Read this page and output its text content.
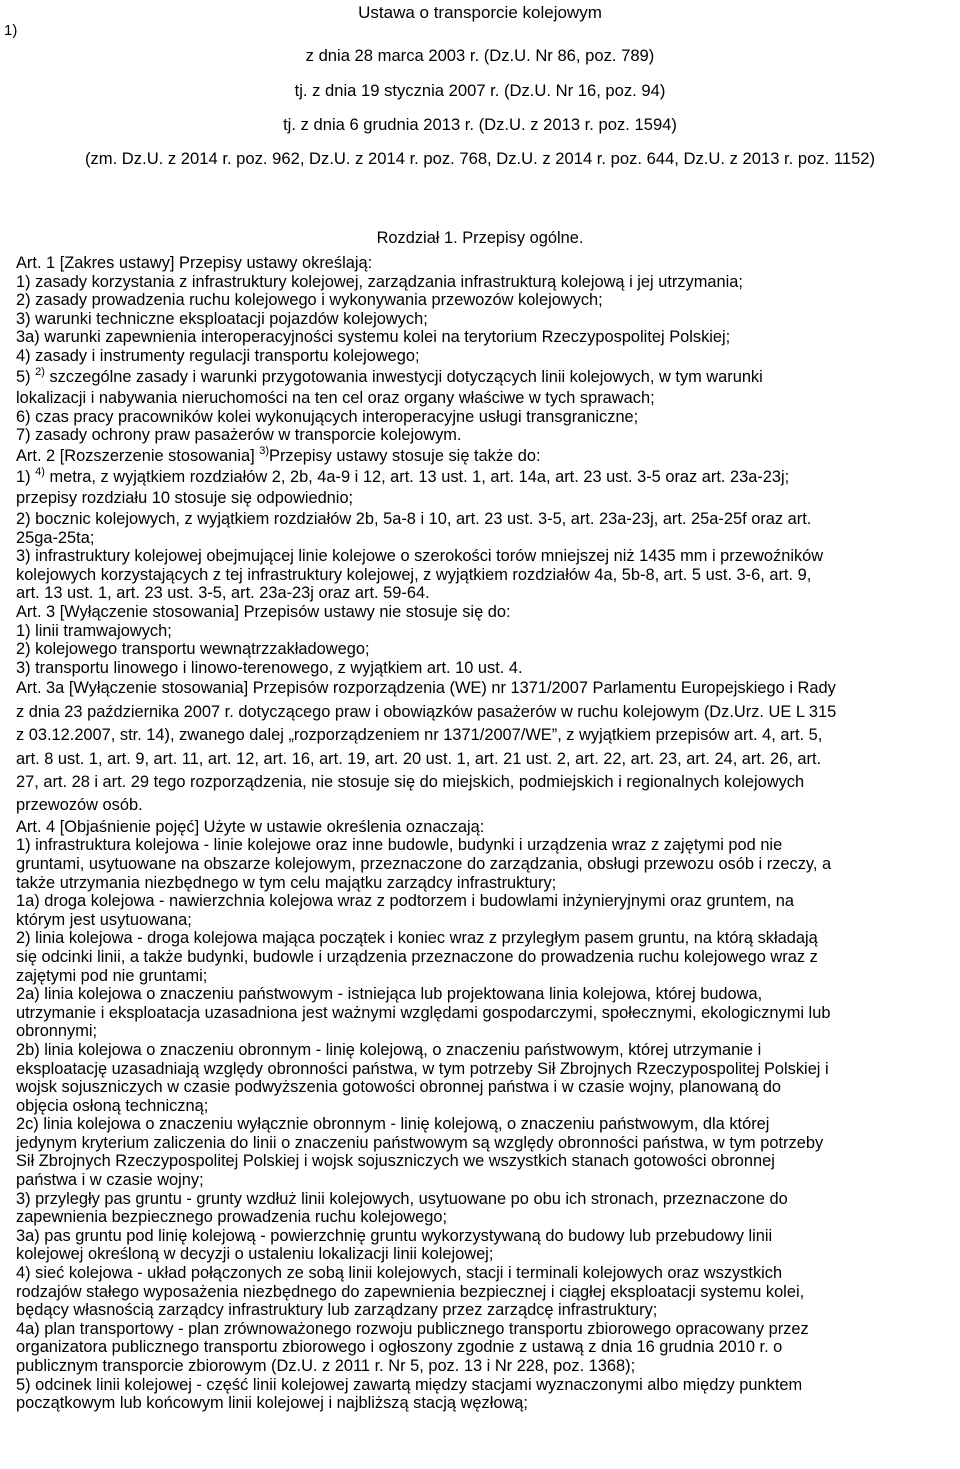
1)
Ustawa o transporcie kolejowym
z dnia 28 marca 2003 r. (Dz.U. Nr 86, poz. 789)
tj. z dnia 19 stycznia 2007 r. (Dz.U. Nr 16, poz. 94)
tj. z dnia 6 grudnia 2013 r. (Dz.U. z 2013 r. poz. 1594)
(zm. Dz.U. z 2014 r. poz. 962, Dz.U. z 2014 r. poz. 768, Dz.U. z 2014 r. poz. 644, Dz.U. z 2013 r. poz. 1152)
Rozdział 1. Przepisy ogólne.
Art. 1 [Zakres ustawy] Przepisy ustawy określają:
1) zasady korzystania z infrastruktury kolejowej, zarządzania infrastrukturą kolejową i jej utrzymania;
2) zasady prowadzenia ruchu kolejowego i wykonywania przewozów kolejowych;
3) warunki techniczne eksploatacji pojazdów kolejowych;
3a) warunki zapewnienia interoperacyjności systemu kolei na terytorium Rzeczypospolitej Polskiej;
4) zasady i instrumenty regulacji transportu kolejowego;
5) $^{2)}$ szczególne zasady i warunki przygotowania inwestycji dotyczących linii kolejowych, w tym warunki
lokalizacji i nabywania nieruchomości na ten cel oraz organy właściwe w tych sprawach;
6) czas pracy pracowników kolei wykonujących interoperacyjne usługi transgraniczne;
7) zasady ochrony praw pasażerów w transporcie kolejowym.
Art. 2 [Rozszerzenie stosowania] $^{3)}$Przepisy ustawy stosuje się także do:
1) $^{4)}$ metra, z wyjątkiem rozdziałów 2, 2b, 4a-9 i 12, art. 13 ust. 1, art. 14a, art. 23 ust. 3-5 oraz art. 23a-23j;
przepisy rozdziału 10 stosuje się odpowiednio;
2) bocznic kolejowych, z wyjątkiem rozdziałów 2b, 5a-8 i 10, art. 23 ust. 3-5, art. 23a-23j, art. 25a-25f oraz art.
25ga-25ta;
3) infrastruktury kolejowej obejmującej linie kolejowe o szerokości torów mniejszej niż 1435 mm i przewoźników
kolejowych korzystających z tej infrastruktury kolejowej, z wyjątkiem rozdziałów 4a, 5b-8, art. 5 ust. 3-6, art. 9,
art. 13 ust. 1, art. 23 ust. 3-5, art. 23a-23j oraz art. 59-64.
Art. 3 [Wyłączenie stosowania] Przepisów ustawy nie stosuje się do:
1) linii tramwajowych;
2) kolejowego transportu wewnątrzzakładowego;
3) transportu linowego i linowo-terenowego, z wyjątkiem art. 10 ust. 4.
Art. 3a [Wyłączenie stosowania] Przepisów rozporządzenia (WE) nr 1371/2007 Parlamentu Europejskiego i Rady
z dnia 23 października 2007 r. dotyczącego praw i obowiązków pasażerów w ruchu kolejowym (Dz.Urz. UE L 315
z 03.12.2007, str. 14), zwanego dalej „rozporządzeniem nr 1371/2007/WE”, z wyjątkiem przepisów art. 4, art. 5,
art. 8 ust. 1, art. 9, art. 11, art. 12, art. 16, art. 19, art. 20 ust. 1, art. 21 ust. 2, art. 22, art. 23, art. 24, art. 26, art.
27, art. 28 i art. 29 tego rozporządzenia, nie stosuje się do miejskich, podmiejskich i regionalnych kolejowych
przewozów osób.
Art. 4 [Objaśnienie pojęć] Użyte w ustawie określenia oznaczają:
1) infrastruktura kolejowa - linie kolejowe oraz inne budowle, budynki i urządzenia wraz z zajętymi pod nie
gruntami, usytuowane na obszarze kolejowym, przeznaczone do zarządzania, obsługi przewozu osób i rzeczy, a
także utrzymania niezbędnego w tym celu majątku zarządcy infrastruktury;
1a) droga kolejowa - nawierzchnia kolejowa wraz z podtorzem i budowlami inżynieryjnymi oraz gruntem, na
którym jest usytuowana;
2) linia kolejowa - droga kolejowa mająca początek i koniec wraz z przyległym pasem gruntu, na którą składają
się odcinki linii, a także budynki, budowle i urządzenia przeznaczone do prowadzenia ruchu kolejowego wraz z
zajętymi pod nie gruntami;
2a) linia kolejowa o znaczeniu państwowym - istniejąca lub projektowana linia kolejowa, której budowa,
utrzymanie i eksploatacja uzasadniona jest ważnymi względami gospodarczymi, społecznymi, ekologicznymi lub
obronnymi;
2b) linia kolejowa o znaczeniu obronnym - linię kolejową, o znaczeniu państwowym, której utrzymanie i
eksploatację uzasadniają względy obronności państwa, w tym potrzeby Sił Zbrojnych Rzeczypospolitej Polskiej i
wojsk sojuszniczych w czasie podwyższenia gotowości obronnej państwa i w czasie wojny, planowaną do
objęcia osłoną techniczną;
2c) linia kolejowa o znaczeniu wyłącznie obronnym - linię kolejową, o znaczeniu państwowym, dla której
jedynym kryterium zaliczenia do linii o znaczeniu państwowym są względy obronności państwa, w tym potrzeby
Sił Zbrojnych Rzeczypospolitej Polskiej i wojsk sojuszniczych we wszystkich stanach gotowości obronnej
państwa i w czasie wojny;
3) przyległy pas gruntu - grunty wzdłuż linii kolejowych, usytuowane po obu ich stronach, przeznaczone do
zapewnienia bezpiecznego prowadzenia ruchu kolejowego;
3a) pas gruntu pod linię kolejową - powierzchnię gruntu wykorzystywaną do budowy lub przebudowy linii
kolejowej określoną w decyzji o ustaleniu lokalizacji linii kolejowej;
4) sieć kolejowa - układ połączonych ze sobą linii kolejowych, stacji i terminali kolejowych oraz wszystkich
rodzajów stałego wyposażenia niezbędnego do zapewnienia bezpiecznej i ciągłej eksploatacji systemu kolei,
będący własnością zarządcy infrastruktury lub zarządzany przez zarządcę infrastruktury;
4a) plan transportowy - plan zrównoważonego rozwoju publicznego transportu zbiorowego opracowany przez
organizatora publicznego transportu zbiorowego i ogłoszony zgodnie z ustawą z dnia 16 grudnia 2010 r. o
publicznym transporcie zbiorowym (Dz.U. z 2011 r. Nr 5, poz. 13 i Nr 228, poz. 1368);
5) odcinek linii kolejowej - część linii kolejowej zawartą między stacjami wyznaczonymi albo między punktem
początkowym lub końcowym linii kolejowej i najbliższą stacją węzłową;
